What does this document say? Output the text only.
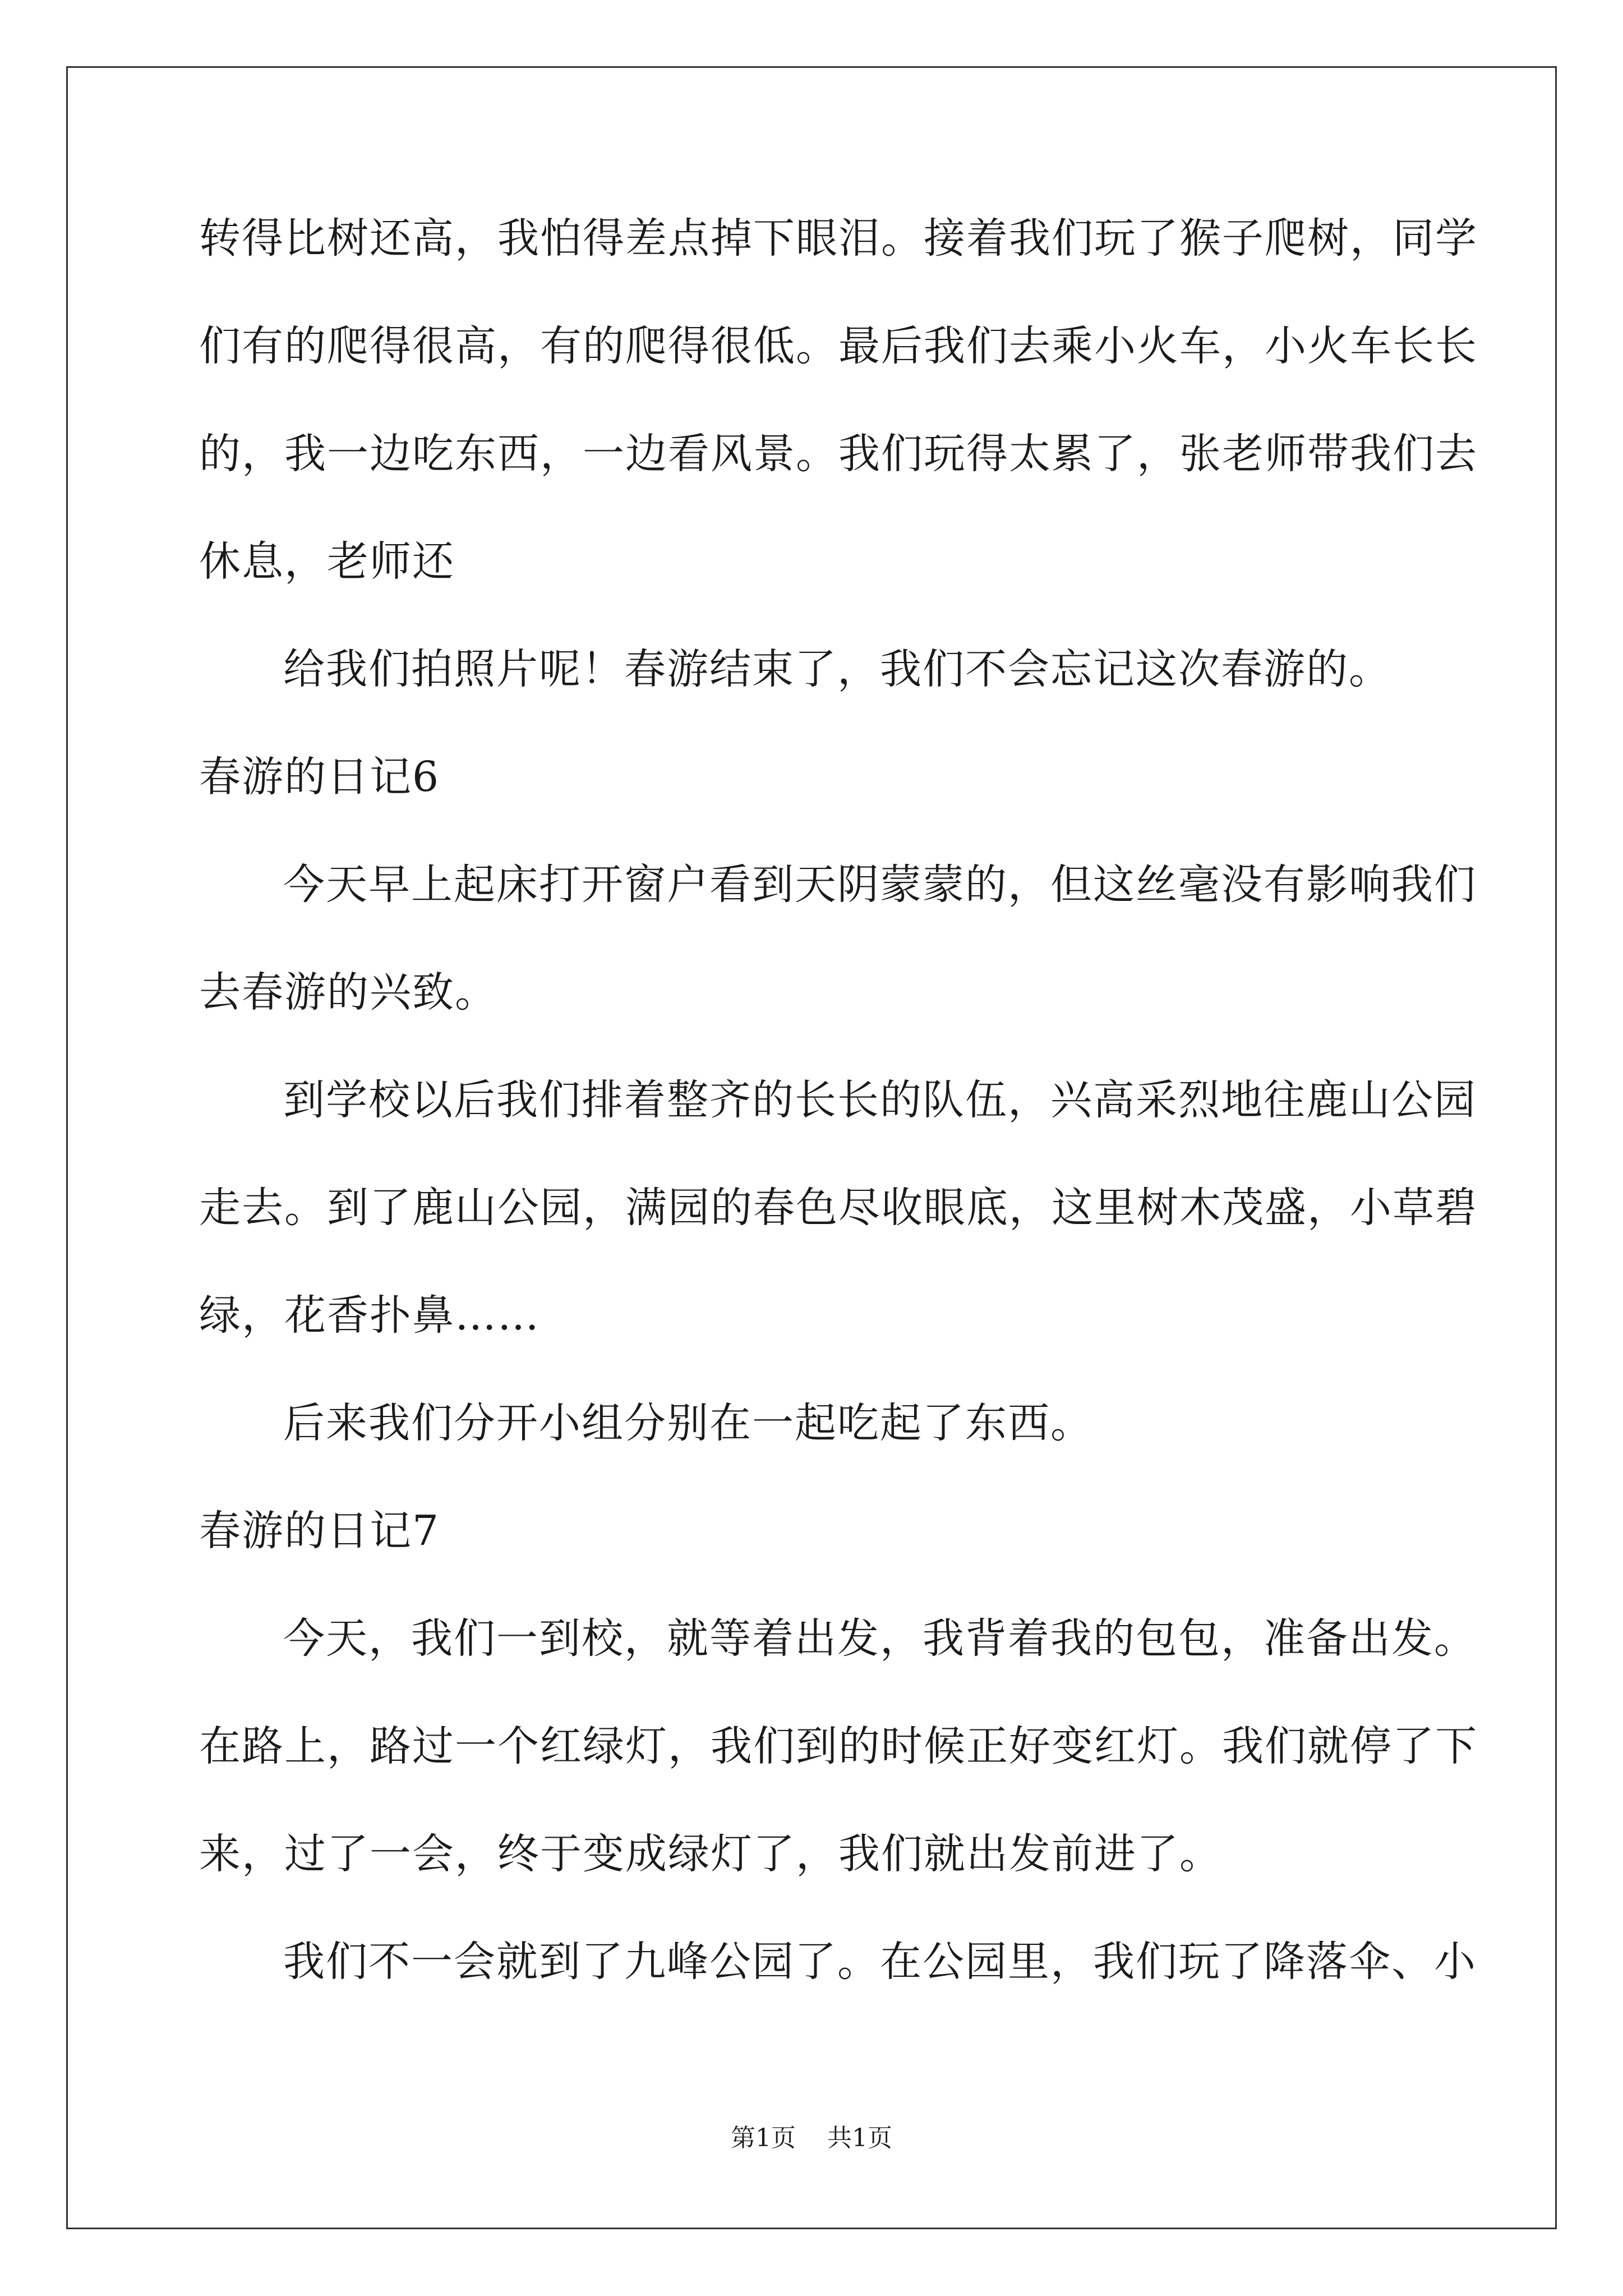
转得比树还高，我怕得差点掉下眼泪。接着我们玩了猴子爬树，同学
们有的爬得很高，有的爬得很低。最后我们去乘小火车，小火车长长
的，我一边吃东西，一边看风景。我们玩得太累了，张老师带我们去
休息，老师还
给我们拍照片呢！春游结束了，我们不会忘记这次春游的。
春游的日记6
今天早上起床打开窗户看到天阴蒙蒙的，但这丝毫没有影响我们
去春游的兴致。
到学校以后我们排着整齐的长长的队伍，兴高采烈地往鹿山公园
走去。到了鹿山公园，满园的春色尽收眼底，这里树木茂盛，小草碧
绿，花香扑鼻……
后来我们分开小组分别在一起吃起了东西。
春游的日记7
今天，我们一到校，就等着出发，我背着我的包包，准备出发。
在路上，路过一个红绿灯，我们到的时候正好变红灯。我们就停了下
来，过了一会，终于变成绿灯了，我们就出发前进了。
我们不一会就到了九峰公园了。在公园里，我们玩了降落伞、小
第1页 共1页
